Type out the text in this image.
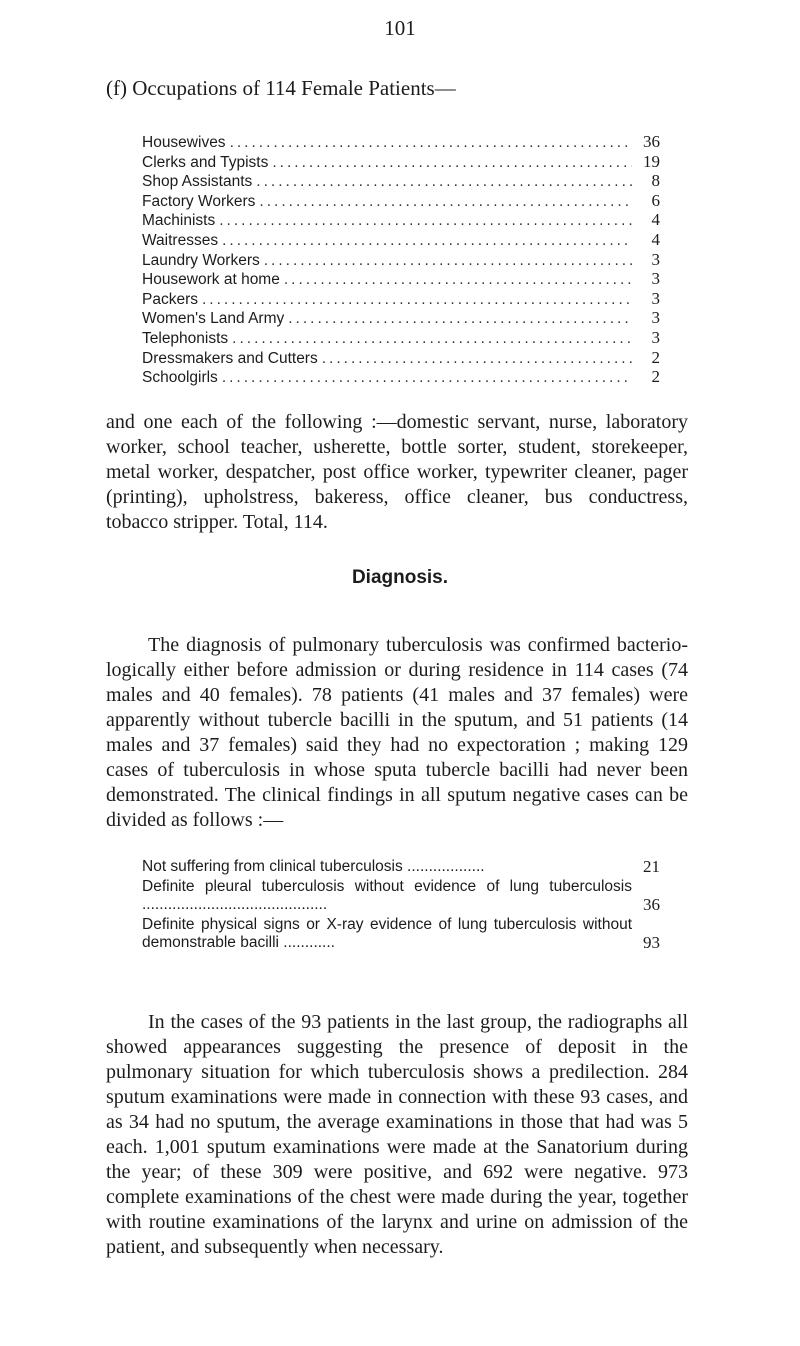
101
(f) Occupations of 114 Female Patients—
Housewives .....	36
Clerks and Typists .....	19
Shop Assistants .....	8
Factory Workers .....	6
Machinists .....	4
Waitresses .....	4
Laundry Workers .....	3
Housework at home .....	3
Packers .....	3
Women's Land Army .....	3
Telephonists .....	3
Dressmakers and Cutters .....	2
Schoolgirls .....	2

and one each of the following :—domestic servant, nurse, laboratory worker, school teacher, usherette, bottle sorter, student, storekeeper, metal worker, despatcher, post office worker, typewriter cleaner, pager (printing), upholstress, bakeress, office cleaner, bus conductress, tobacco stripper. Total, 114.

Diagnosis.

The diagnosis of pulmonary tuberculosis was confirmed bacterio-logically either before admission or during residence in 114 cases (74 males and 40 females). 78 patients (41 males and 37 females) were apparently without tubercle bacilli in the sputum, and 51 patients (14 males and 37 females) said they had no expectoration ; making 129 cases of tuberculosis in whose sputa tubercle bacilli had never been demonstrated. The clinical findings in all sputum negative cases can be divided as follows :—

Not suffering from clinical tuberculosis ..................	21
Definite pleural tuberculosis without evidence of lung tuberculosis ...........................................	36
Definite physical signs or X-ray evidence of lung tuberculosis without demonstrable bacilli ............	93

In the cases of the 93 patients in the last group, the radiographs all showed appearances suggesting the presence of deposit in the pulmonary situation for which tuberculosis shows a predilection. 284 sputum examinations were made in connection with these 93 cases, and as 34 had no sputum, the average examinations in those that had was 5 each. 1,001 sputum examinations were made at the Sanatorium during the year; of these 309 were positive, and 692 were negative. 973 complete examinations of the chest were made during the year, together with routine examinations of the larynx and urine on admission of the patient, and subsequently when necessary.
